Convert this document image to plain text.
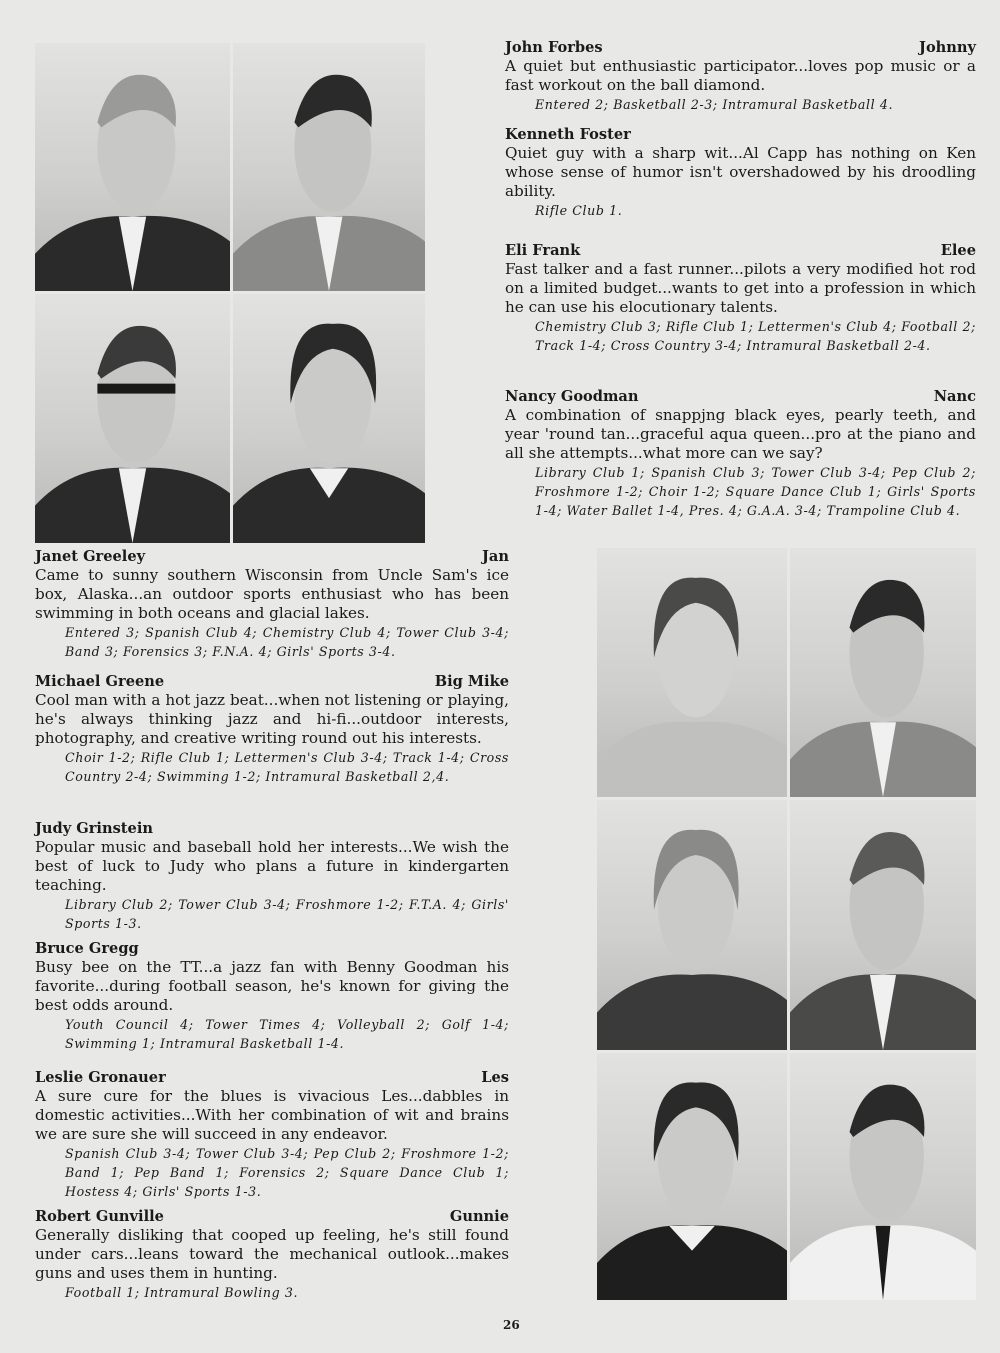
John Forbes	Johnny
A quiet but enthusiastic participator...loves pop music or a fast workout on the ball diamond.
Entered 2; Basketball 2-3; Intramural Basketball 4.
Kenneth Foster
Quiet guy with a sharp wit...Al Capp has nothing on Ken whose sense of humor isn't overshadowed by his droodling ability.
Rifle Club 1.
Eli Frank	Elee
Fast talker and a fast runner...pilots a very modified hot rod on a limited budget...wants to get into a profession in which he can use his elocutionary talents.
Chemistry Club 3; Rifle Club 1; Lettermen's Club 4; Football 2; Track 1-4; Cross Country 3-4; Intramural Basketball 2-4.
Nancy Goodman	Nanc
A combination of snappjng black eyes, pearly teeth, and year 'round tan...graceful aqua queen...pro at the piano and all she attempts...what more can we say?
Library Club 1; Spanish Club 3; Tower Club 3-4; Pep Club 2; Froshmore 1-2; Choir 1-2; Square Dance Club 1; Girls' Sports 1-4; Water Ballet 1-4, Pres. 4; G.A.A. 3-4; Trampoline Club 4.
Janet Greeley	Jan
Came to sunny southern Wisconsin from Uncle Sam's ice box, Alaska...an outdoor sports enthusiast who has been swimming in both oceans and glacial lakes.
Entered 3; Spanish Club 4; Chemistry Club 4; Tower Club 3-4; Band 3; Forensics 3; F.N.A. 4; Girls' Sports 3-4.
Michael Greene	Big Mike
Cool man with a hot jazz beat...when not listening or playing, he's always thinking jazz and hi-fi...outdoor interests, photography, and creative writing round out his interests.
Choir 1-2; Rifle Club 1; Lettermen's Club 3-4; Track 1-4; Cross Country 2-4; Swimming 1-2; Intramural Basketball 2,4.
Judy Grinstein
Popular music and baseball hold her interests...We wish the best of luck to Judy who plans a future in kindergarten teaching.
Library Club 2; Tower Club 3-4; Froshmore 1-2; F.T.A. 4; Girls' Sports 1-3.
Bruce Gregg
Busy bee on the TT...a jazz fan with Benny Goodman his favorite...during football season, he's known for giving the best odds around.
Youth Council 4; Tower Times 4; Volleyball 2; Golf 1-4; Swimming 1; Intramural Basketball 1-4.
Leslie Gronauer	Les
A sure cure for the blues is vivacious Les...dabbles in domestic activities...With her combination of wit and brains we are sure she will succeed in any endeavor.
Spanish Club 3-4; Tower Club 3-4; Pep Club 2; Froshmore 1-2; Band 1; Pep Band 1; Forensics 2; Square Dance Club 1; Hostess 4; Girls' Sports 1-3.
Robert Gunville	Gunnie
Generally disliking that cooped up feeling, he's still found under cars...leans toward the mechanical outlook...makes guns and uses them in hunting.
Football 1; Intramural Bowling 3.
26
